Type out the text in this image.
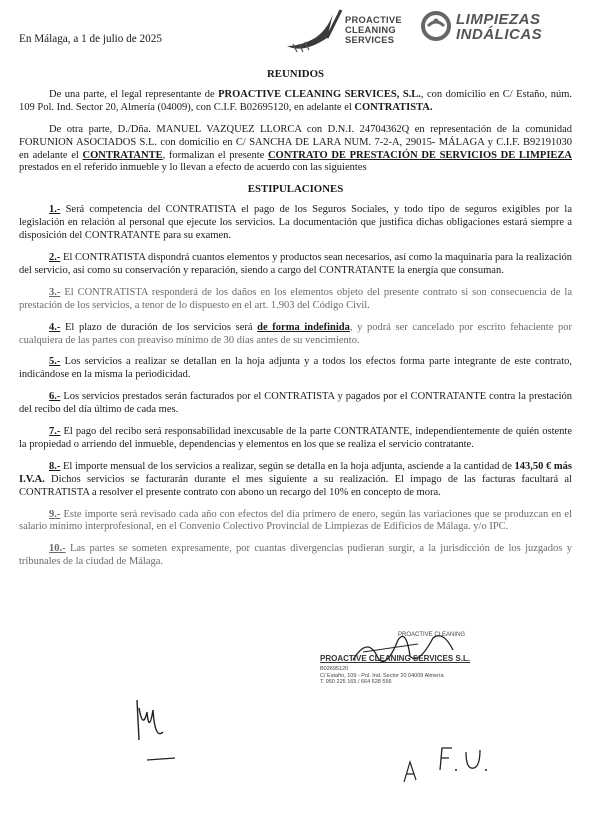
En Málaga, a 1 de julio de 2025
PROACTIVE
CLEANING
SERVICES
LIMPIEZAS
INDÁLICAS
REUNIDOS
De una parte, el legal representante de PROACTIVE CLEANING SERVICES, S.L., con domicilio en C/ Estaño, núm. 109 Pol. Ind. Sector 20, Almería (04009), con C.I.F. B02695120, en adelante el CONTRATISTA.
De otra parte, D./Dña. MANUEL VAZQUEZ LLORCA con D.N.I. 24704362Q en representación de la comunidad FORUNION ASOCIADOS S.L. con domicilio en C/ SANCHA DE LARA NUM. 7-2-A, 29015- MÁLAGA y C.I.F. B92191030 en adelante el CONTRATANTE, formalizan el presente CONTRATO DE PRESTACIÓN DE SERVICIOS DE LIMPIEZA prestados en el referido inmueble y lo llevan a efecto de acuerdo con las siguientes
ESTIPULACIONES
1.- Será competencia del CONTRATISTA el pago de los Seguros Sociales, y todo tipo de seguros exigibles por la legislación en relación al personal que ejecute los servicios. La documentación que justifica dichas obligaciones estará siempre a disposición del CONTRATANTE para su examen.
2.- El CONTRATISTA dispondrá cuantos elementos y productos sean necesarios, así como la maquinaria para la realización del servicio, así como su conservación y reparación, siendo a cargo del CONTRATANTE la energía que consuman.
3.- El CONTRATISTA responderá de los daños en los elementos objeto del presente contrato si son consecuencia de la prestación de los servicios, a tenor de lo dispuesto en el art. 1.903 del Código Civil.
4.- El plazo de duración de los servicios será de forma indefinida, y podrá ser cancelado por escrito fehaciente por cualquiera de las partes con preaviso mínimo de 30 días antes de su vencimiento.
5.- Los servicios a realizar se detallan en la hoja adjunta y a todos los efectos forma parte integrante de este contrato, indicándose en la misma la periodicidad.
6.- Los servicios prestados serán facturados por el CONTRATISTA y pagados por el CONTRATANTE contra la prestación del recibo del día último de cada mes.
7.- El pago del recibo será responsabilidad inexcusable de la parte CONTRATANTE, independientemente de quién ostente la propiedad o arriendo del inmueble, dependencias y elementos en los que se realiza el servicio contratante.
8.- El importe mensual de los servicios a realizar, según se detalla en la hoja adjunta, asciende a la cantidad de 143,50 € más I.V.A. Dichos servicios se facturarán durante el mes siguiente a su realización. El impago de las facturas facultará al CONTRATISTA a resolver el presente contrato con abono un recargo del 10% en concepto de mora.
9.- Este importe será revisado cada año con efectos del día primero de enero, según las variaciones que se produzcan en el salario mínimo interprofesional, en el Convenio Colectivo Provincial de Limpiezas de Edificios de Málaga. y/o IPC.
10.- Las partes se someten expresamente, por cuantas divergencias pudieran surgir, a la jurisdicción de los juzgados y tribunales de la ciudad de Málaga.
PROACTIVE CLEANING
PROACTIVE CLEANING SERVICES S.L.
B02695120
C/ Estaño, 109 - Pol. Ind. Sector 20 04009 Almería
T. 950 225 165 / 664 628 556
